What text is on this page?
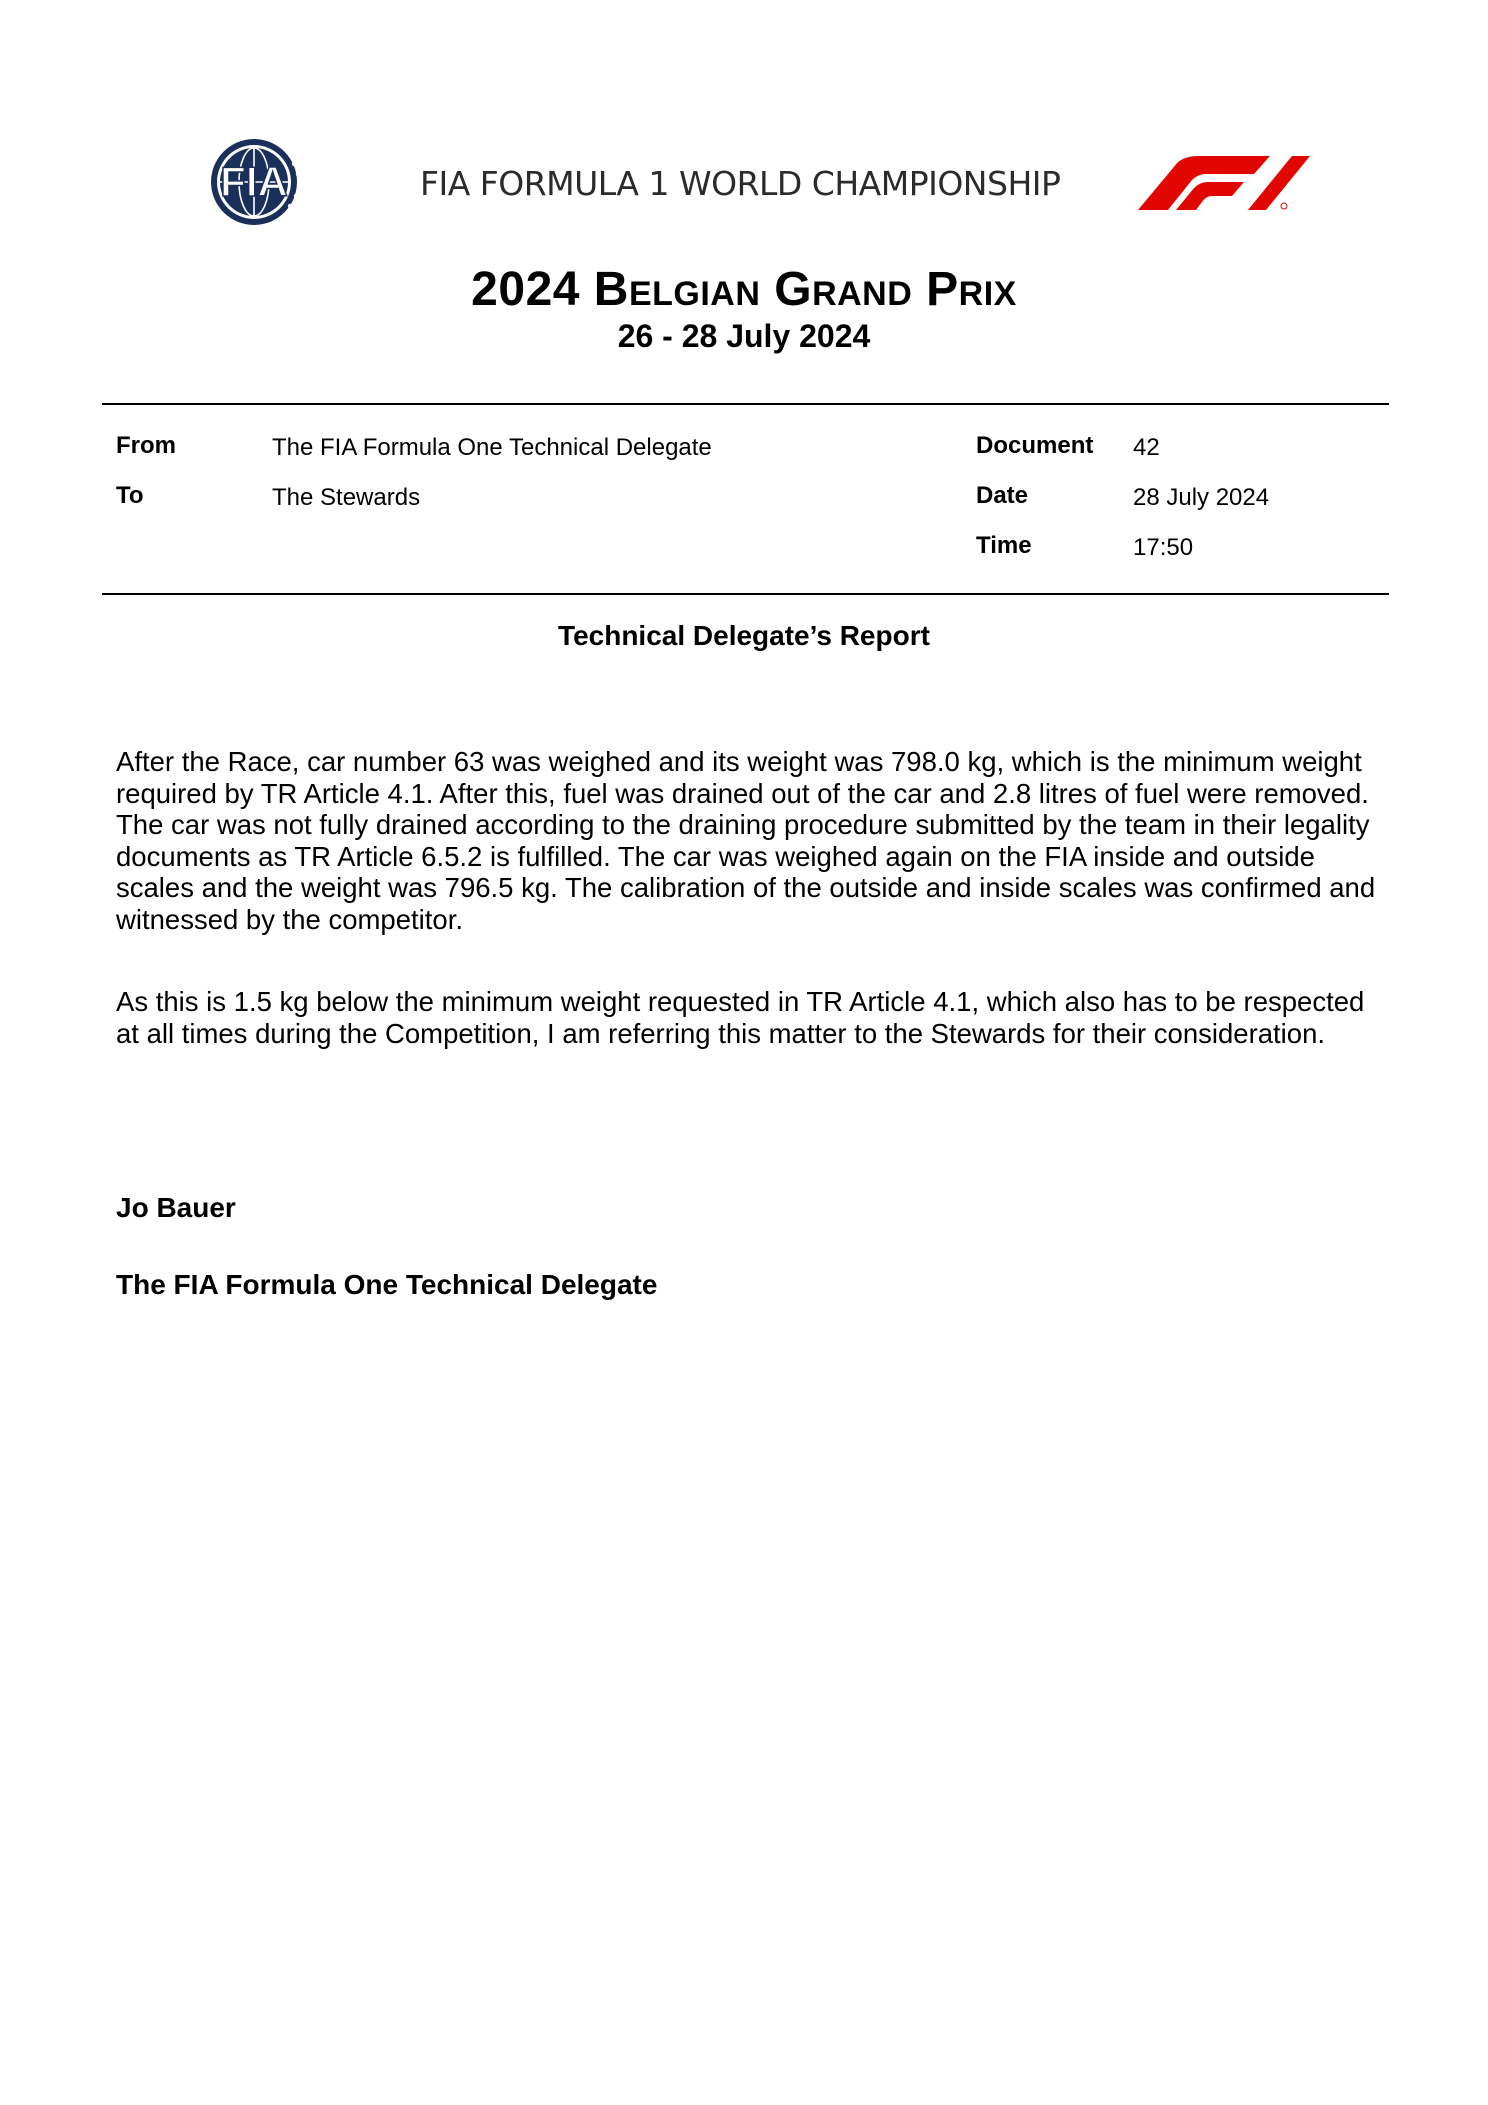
FIA	FIA FORMULA 1 WORLD CHAMPIONSHIP
2024 Belgian Grand Prix
26 - 28 July 2024
From	The FIA Formula One Technical Delegate
To	The Stewards
Document 42
Date	28 July 2024
Time	17:50
Technical Delegate’s Report

After the Race, car number 63 was weighed and its weight was 798.0 kg, which is the minimum weight required by TR Article 4.1. After this, fuel was drained out of the car and 2.8 litres of fuel were removed. The car was not fully drained according to the draining procedure submitted by the team in their legality documents as TR Article 6.5.2 is fulfilled. The car was weighed again on the FIA inside and outside scales and the weight was 796.5 kg. The calibration of the outside and inside scales was confirmed and witnessed by the competitor.

As this is 1.5 kg below the minimum weight requested in TR Article 4.1, which also has to be respected at all times during the Competition, I am referring this matter to the Stewards for their consideration.

Jo Bauer
The FIA Formula One Technical Delegate
